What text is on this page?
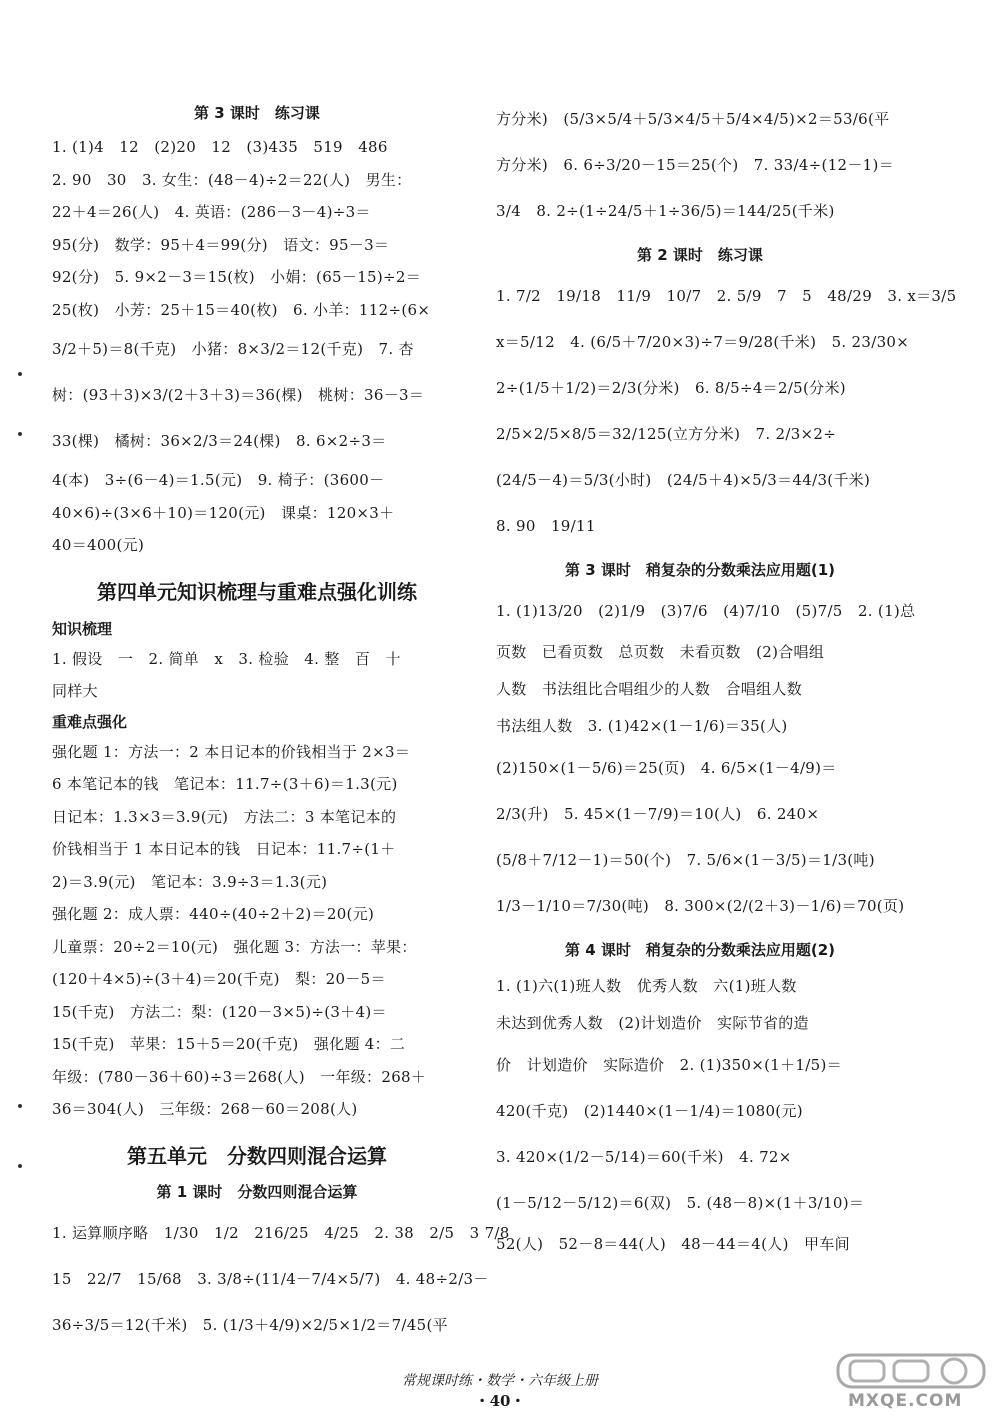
第 3 课时　练习课
1. (1)4　12　(2)20　12　(3)435　519　486
2. 90　30　3. 女生：(48－4)÷2＝22(人)　男生：
22＋4＝26(人)　4. 英语：(286－3－4)÷3＝
95(分)　数学：95＋4＝99(分)　语文：95－3＝
92(分)　5. 9×2－3＝15(枚)　小娟：(65－15)÷2＝
25(枚)　小芳：25＋15＝40(枚)　6. 小羊：112÷(6×
3/2＋5)＝8(千克)　小猪：8×3/2＝12(千克)　7. 杏
树：(93＋3)×3/(2＋3＋3)＝36(棵)　桃树：36－3＝
33(棵)　橘树：36×2/3＝24(棵)　8. 6×2÷3＝
4(本)　3÷(6－4)＝1.5(元)　9. 椅子：(3600－
40×6)÷(3×6＋10)＝120(元)　课桌：120×3＋
40＝400(元)
第四单元知识梳理与重难点强化训练
知识梳理
1. 假设　一　2. 简单　x　3. 检验　4. 整　百　十
同样大
重难点强化
强化题 1：方法一：2 本日记本的价钱相当于 2×3＝
6 本笔记本的钱　笔记本：11.7÷(3＋6)＝1.3(元)
日记本：1.3×3＝3.9(元)　方法二：3 本笔记本的
价钱相当于 1 本日记本的钱　日记本：11.7÷(1＋
2)＝3.9(元)　笔记本：3.9÷3＝1.3(元)
强化题 2：成人票：440÷(40÷2＋2)＝20(元)
儿童票：20÷2＝10(元)　强化题 3：方法一：苹果：
(120＋4×5)÷(3＋4)＝20(千克)　梨：20－5＝
15(千克)　方法二：梨：(120－3×5)÷(3＋4)＝
15(千克)　苹果：15＋5＝20(千克)　强化题 4：二
年级：(780－36＋60)÷3＝268(人)　一年级：268＋
36＝304(人)　三年级：268－60＝208(人)
第五单元　分数四则混合运算
第 1 课时　分数四则混合运算
1. 运算顺序略　1/30　1/2　216/25　4/25　2. 38　2/5　3 7/8
15　22/7　15/68　3. 3/8÷(11/4－7/4×5/7)　4. 48÷2/3－
36÷3/5＝12(千米)　5. (1/3＋4/9)×2/5×1/2＝7/45(平
方分米)　(5/3×5/4＋5/3×4/5＋5/4×4/5)×2＝53/6(平
方分米)　6. 6÷3/20－15＝25(个)　7. 33/4÷(12－1)＝
3/4　8. 2÷(1÷24/5＋1÷36/5)＝144/25(千米)
第 2 课时　练习课
1. 7/2　19/18　11/9　10/7　2. 5/9　7　5　48/29　3. x＝3/5
x＝5/12　4. (6/5＋7/20×3)÷7＝9/28(千米)　5. 23/30×
2÷(1/5＋1/2)＝2/3(分米)　6. 8/5÷4＝2/5(分米)
2/5×2/5×8/5＝32/125(立方分米)　7. 2/3×2÷
(24/5－4)＝5/3(小时)　(24/5＋4)×5/3＝44/3(千米)
8. 90　19/11
第 3 课时　稍复杂的分数乘法应用题(1)
1. (1)13/20　(2)1/9　(3)7/6　(4)7/10　(5)7/5　2. (1)总
页数　已看页数　总页数　未看页数　(2)合唱组
人数　书法组比合唱组少的人数　合唱组人数
书法组人数　3. (1)42×(1－1/6)＝35(人)
(2)150×(1－5/6)＝25(页)　4. 6/5×(1－4/9)＝
2/3(升)　5. 45×(1－7/9)＝10(人)　6. 240×
(5/8＋7/12－1)＝50(个)　7. 5/6×(1－3/5)＝1/3(吨)
1/3－1/10＝7/30(吨)　8. 300×(2/(2＋3)－1/6)＝70(页)
第 4 课时　稍复杂的分数乘法应用题(2)
1. (1)六(1)班人数　优秀人数　六(1)班人数
未达到优秀人数　(2)计划造价　实际节省的造
价　计划造价　实际造价　2. (1)350×(1＋1/5)＝
420(千克)　(2)1440×(1－1/4)＝1080(元)
3. 420×(1/2－5/14)＝60(千米)　4. 72×
(1－5/12－5/12)＝6(双)　5. (48－8)×(1＋3/10)＝
52(人)　52－8＝44(人)　48－44＝4(人)　甲车间
常规课时练・数学・六年级上册
・40・	MXQE.COM
